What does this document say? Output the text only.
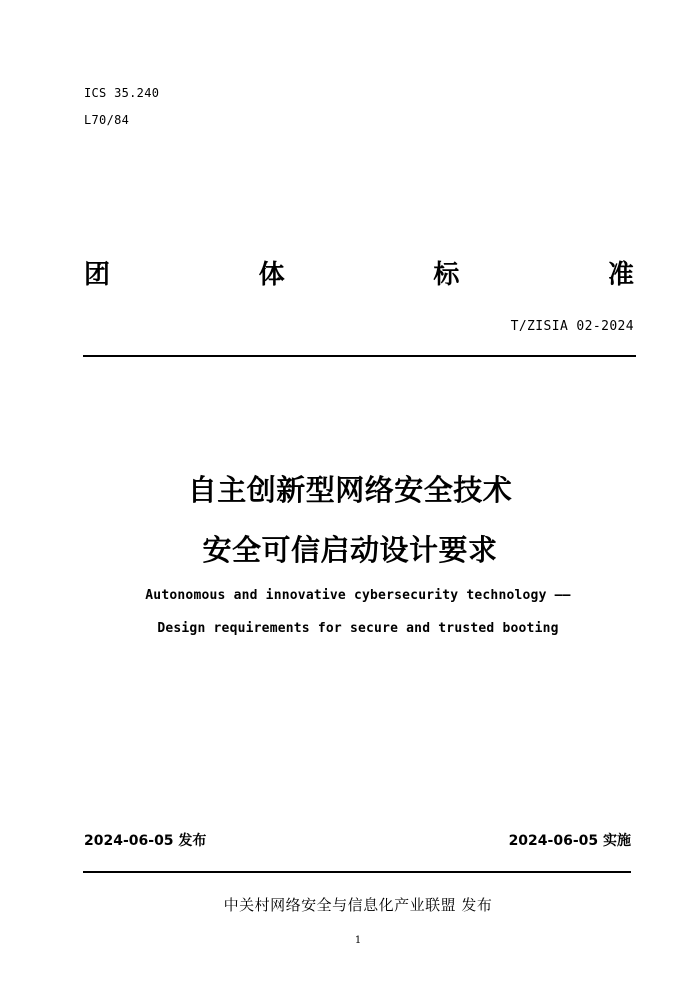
ICS 35.240
L70/84
团	体	标	准
T/ZISIA 02-2024
自主创新型网络安全技术
安全可信启动设计要求
Autonomous and innovative cybersecurity technology ——
Design requirements for secure and trusted booting
2024-06-05 发布	2024-06-05 实施
中关村网络安全与信息化产业联盟 发布
1
